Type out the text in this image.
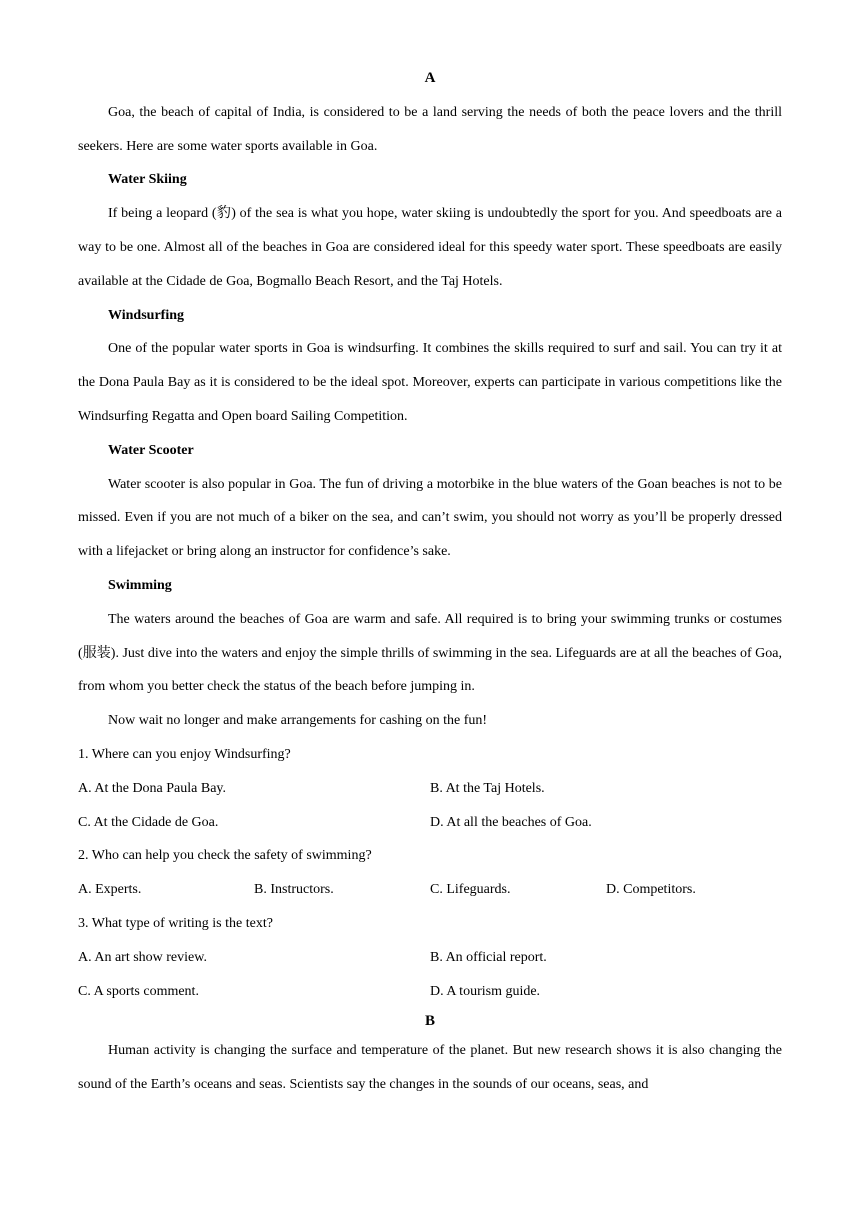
A
Goa, the beach of capital of India, is considered to be a land serving the needs of both the peace lovers and the thrill seekers. Here are some water sports available in Goa.
Water Skiing
If being a leopard (豹) of the sea is what you hope, water skiing is undoubtedly the sport for you. And speedboats are a way to be one. Almost all of the beaches in Goa are considered ideal for this speedy water sport. These speedboats are easily available at the Cidade de Goa, Bogmallo Beach Resort, and the Taj Hotels.
Windsurfing
One of the popular water sports in Goa is windsurfing. It combines the skills required to surf and sail. You can try it at the Dona Paula Bay as it is considered to be the ideal spot. Moreover, experts can participate in various competitions like the Windsurfing Regatta and Open board Sailing Competition.
Water Scooter
Water scooter is also popular in Goa. The fun of driving a motorbike in the blue waters of the Goan beaches is not to be missed. Even if you are not much of a biker on the sea, and can’t swim, you should not worry as you’ll be properly dressed with a lifejacket or bring along an instructor for confidence’s sake.
Swimming
The waters around the beaches of Goa are warm and safe. All required is to bring your swimming trunks or costumes (服装). Just dive into the waters and enjoy the simple thrills of swimming in the sea. Lifeguards are at all the beaches of Goa, from whom you better check the status of the beach before jumping in.
Now wait no longer and make arrangements for cashing on the fun!
1. Where can you enjoy Windsurfing?
A. At the Dona Paula Bay.	B. At the Taj Hotels.
C. At the Cidade de Goa.	D. At all the beaches of Goa.
2. Who can help you check the safety of swimming?
A. Experts.	B. Instructors.	C. Lifeguards.	D. Competitors.
3. What type of writing is the text?
A. An art show review.	B. An official report.
C. A sports comment.	D. A tourism guide.
B
Human activity is changing the surface and temperature of the planet. But new research shows it is also changing the sound of the Earth’s oceans and seas. Scientists say the changes in the sounds of our oceans, seas, and
